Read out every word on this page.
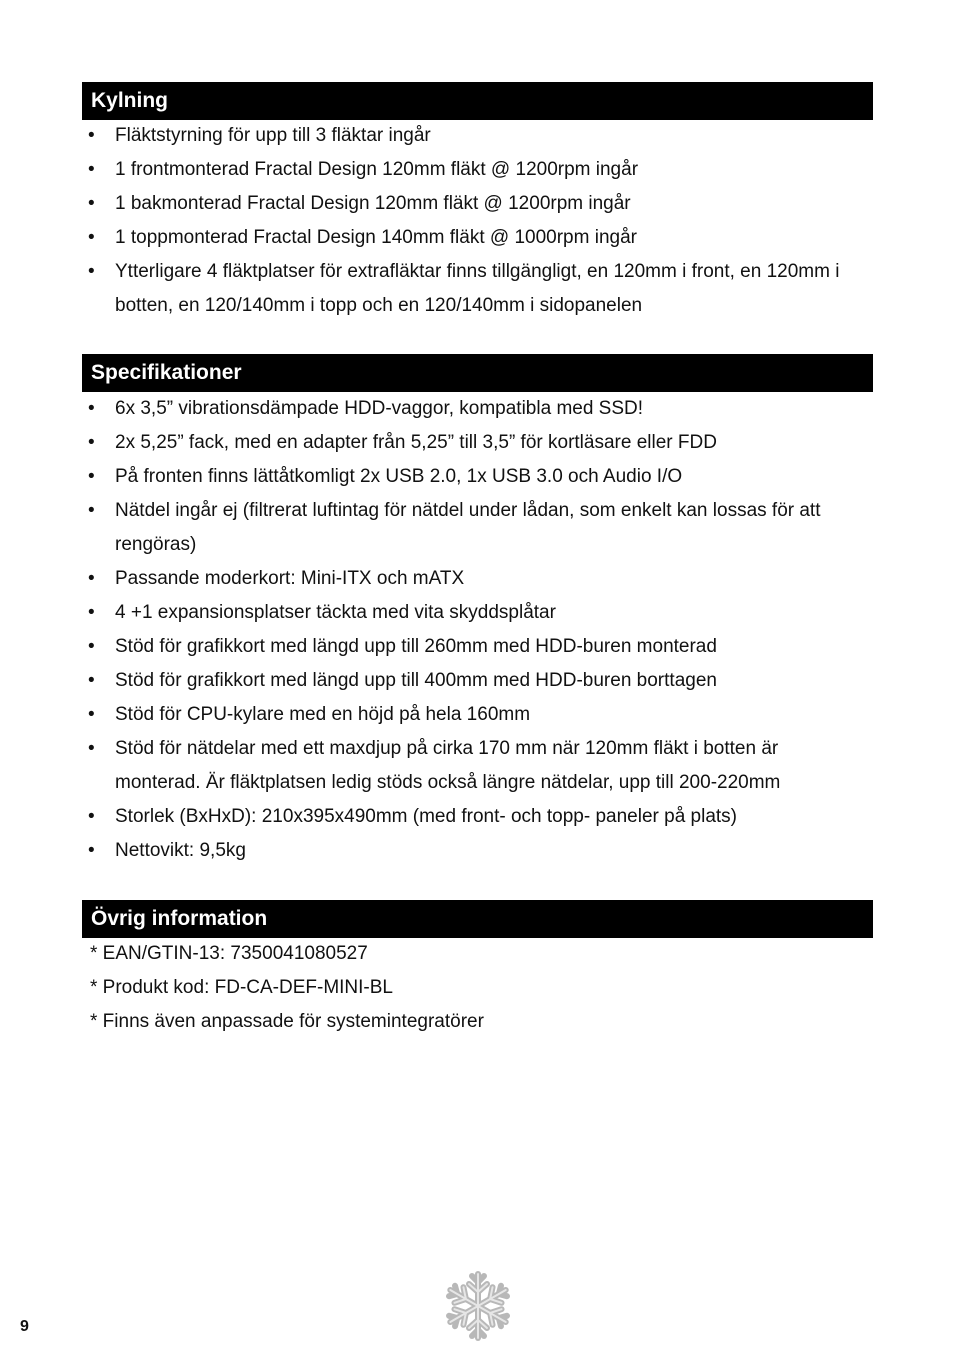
Kylning
• Fläktstyrning för upp till 3 fläktar ingår
• 1 frontmonterad Fractal Design 120mm fläkt @ 1200rpm ingår
• 1 bakmonterad Fractal Design 120mm fläkt @ 1200rpm ingår
• 1 toppmonterad Fractal Design 140mm fläkt @ 1000rpm ingår
• Ytterligare 4 fläktplatser för extrafläktar finns tillgängligt, en 120mm i front, en 120mm i botten, en 120/140mm i topp och en 120/140mm i sidopanelen
Specifikationer
• 6x 3,5” vibrationsdämpade HDD-vaggor, kompatibla med SSD!
• 2x 5,25” fack, med en adapter från 5,25” till 3,5” för kortläsare eller FDD
• På fronten finns lättåtkomligt 2x USB 2.0, 1x USB 3.0 och Audio I/O
• Nätdel ingår ej (filtrerat luftintag för nätdel under lådan, som enkelt kan lossas för att rengöras)
• Passande moderkort: Mini-ITX och mATX
• 4 +1 expansionsplatser täckta med vita skyddsplåtar
• Stöd för grafikkort med längd upp till 260mm med HDD-buren monterad
• Stöd för grafikkort med längd upp till 400mm med HDD-buren borttagen
• Stöd för CPU-kylare med en höjd på hela 160mm
• Stöd för nätdelar med ett maxdjup på cirka 170 mm när 120mm fläkt i botten är monterad. Är fläktplatsen ledig stöds också längre nätdelar, upp till 200-220mm
• Storlek (BxHxD): 210x395x490mm (med front- och topp- paneler på plats)
• Nettovikt: 9,5kg
Övrig information
* EAN/GTIN-13: 7350041080527
* Produkt kod: FD-CA-DEF-MINI-BL
* Finns även anpassade för systemintegratörer
9
